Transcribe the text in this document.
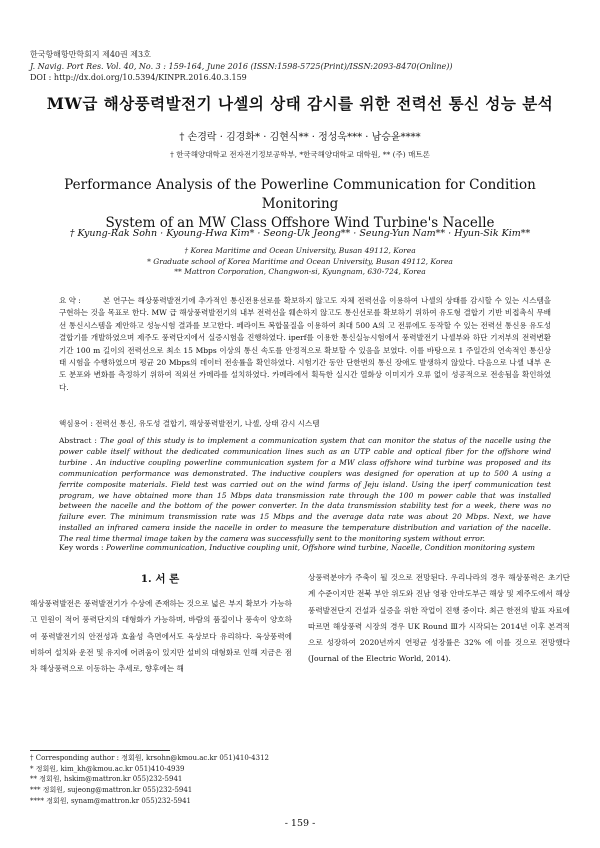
한국항해항만학회지 제40권 제3호
J. Navig. Port Res. Vol. 40, No. 3 : 159-164, June 2016 (ISSN:1598-5725(Print)/ISSN:2093-8470(Online))
DOI : http://dx.doi.org/10.5394/KINPR.2016.40.3.159
MW급 해상풍력발전기 나셀의 상태 감시를 위한 전력선 통신 성능 분석
† 손경락 · 김경화* · 김현식** · 정성욱*** · 남승윤****
† 한국해양대학교 전자전기정보공학부, *한국해양대학교 대학원, ** (주) 매트론
Performance Analysis of the Powerline Communication for Condition Monitoring
System of an MW Class Offshore Wind Turbine's Nacelle
† Kyung-Rak Sohn · Kyoung-Hwa Kim* · Seong-Uk Jeong** · Seung-Yun Nam** · Hyun-Sik Kim**
† Korea Maritime and Ocean University, Busan 49112, Korea
* Graduate school of Korea Maritime and Ocean University, Busan 49112, Korea
** Mattron Corporation, Changwon-si, Kyungnam, 630-724, Korea
요 약 :	본 연구는 해상풍력발전기에 추가적인 통신전용선로를 확보하지 않고도 자체 전력선을 이용하여 나셀의 상태를 감시할 수 있는 시스템을 구현하는 것을 목표로 한다. MW 급 해상풍력발전기의 내부 전력선을 훼손하지 않고도 통신선로를 확보하기 위하여 유도형 결합기 기반 비접촉식 무배선 통신시스템을 제안하고 성능시험 결과를 보고한다. 페라이트 복합물질을 이용하여 최대 500 A의 고 전류에도 동작할 수 있는 전력선 통신용 유도성 결합기를 개발하였으며 제주도 풍력단지에서 실증시험을 진행하였다. iperf를 이용한 통신실능시험에서 풍력발전기 나셀부와 하단 기저부의 전력변환기간 100 m 길이의 전력선으로 최소 15 Mbps 이상의 통신 속도를 안정적으로 확보할 수 있음을 보였다. 이를 바탕으로 1 주일간의 연속적인 통신상태 시험을 수행하였으며 평균 20 Mbps의 데이터 전송률을 확인하였다. 시험기간 동안 단한번의 통신 장애도 발생하지 않았다. 다음으로 나셀 내부 온도 분포와 변화를 측정하기 위하여 적외선 카메라를 설치하였다. 카메라에서 획득한 실시간 열화상 이미지가 오류 없이 성공적으로 전송됨을 확인하였다.
핵심용어 : 전력선 통신, 유도성 결합기, 해상풍력발전기, 나셀, 상태 감시 시스템
Abstract : The goal of this study is to implement a communication system that can monitor the status of the nacelle using the power cable itself without the dedicated communication lines such as an UTP cable and optical fiber for the offshore wind turbine . An inductive coupling powerline communication system for a MW class offshore wind turbine was proposed and its communication performance was demonstrated. The inductive couplers was designed for operation at up to 500 A using a ferrite composite materials. Field test was carried out on the wind farms of Jeju island. Using the iperf communication test program, we have obtained more than 15 Mbps data transmission rate through the 100 m power cable that was installed between the nacelle and the bottom of the power converter. In the data transmission stability test for a week, there was no failure ever. The minimum transmission rate was 15 Mbps and the average data rate was about 20 Mbps. Next, we have installed an infrared camera inside the nacelle in order to measure the temperature distribution and variation of the nacelle. The real time thermal image taken by the camera was successfully sent to the monitoring system without error.
Key words : Powerline communication, Inductive coupling unit, Offshore wind turbine, Nacelle, Condition monitoring system
1. 서 론
해상풍력발전은 풍력발전기가 수상에 존재하는 것으로 넓은 부지 확보가 가능하고 민원이 적어 풍력단지의 대형화가 가능하며, 바람의 품질이나 풍속이 양호하여 풍력발전기의 안전성과 효율성 측면에서도 육상보다 유리하다. 육상풍력에 비하여 설치와 운전 및 유지에 어려움이 있지만 설비의 대형화로 인해 지금은 점차 해상풍력으로 이동하는 추세로, 향후에는 해
상풍력분야가 주축이 될 것으로 전망된다. 우리나라의 경우 해상풍력은 초기단계 수준이지만 전북 부안 위도와 진남 영광 안마도부근 해상 및 제주도에서 해상풍력발전단지 건설과 실증을 위한 작업이 진행 중이다. 최근 한전의 발표 자료에 따르면 해상풍력 시장의 경우 UK Round Ⅲ가 시작되는 2014년 이후 본격적으로 성장하여 2020년까지 연평균 성장률은 32% 에 이를 것으로 전망했다(Journal of the Electric World, 2014).
† Corresponding author : 정회원, krsohn@kmou.ac.kr 051)410-4312
* 정회원, kim_kh@kmou.ac.kr 051)410-4939
** 정회원, hskim@mattron.kr 055)232-5941
*** 정회원, sujeong@mattron.kr 055)232-5941
**** 정회원, synam@mattron.kr 055)232-5941
- 159 -
